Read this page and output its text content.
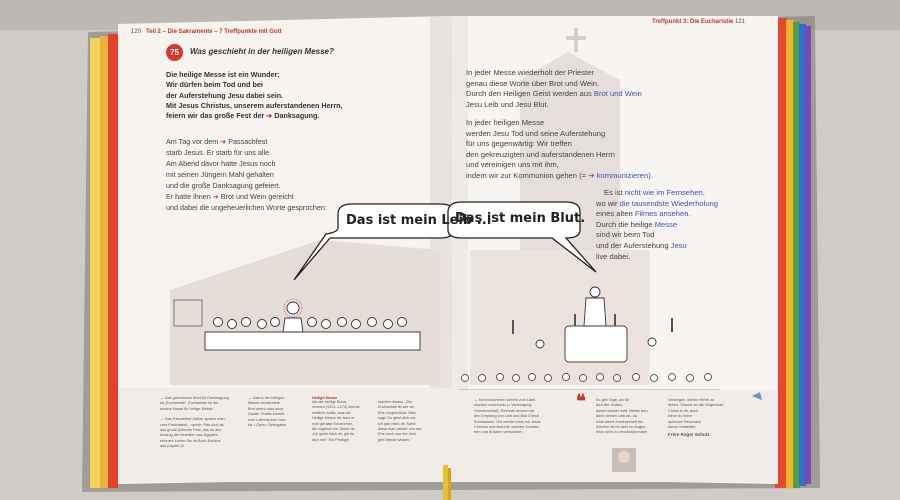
120 Teil 2 – Die Sakramente – 7 Treffpunkte mit Gott
75	Was geschieht in der heiligen Messe?
Die heilige Messe ist ein Wunder:
Wir dürfen beim Tod und bei
der Auferstehung Jesu dabei sein.
Mit Jesus Christus, unserem auferstandenen Herrn,
feiern wir das große Fest der ➔ Danksagung.
Am Tag vor dem ➔ Passachfest
starb Jesus. Er starb für uns alle.
Am Abend davor hatte Jesus noch
mit seinen Jüngern Mahl gehalten
und die große Danksagung gefeiert.
Er hatte ihnen ➔ Brot und Wein gereicht
und dabei die ungeheuerlichen Worte gesprochen:
Das ist mein Leib ...
→ Das griechische Wort für Danksagung
ist „Eucharistie“. Eucharistie ist der
andere Name für heilige Messe.
→ Das Passahfest (früher sprach man
vom Paschafest – sprich: Pas-cha) ist
das große jüdische Fest, das an den
Auszug der Israeliten aus Ägypten
erinnert. Lesen Sie im Buch Exodus
das Kapitel 12.
→ Das in der heiligen
Messe verwendete
Brot nennt man auch
Hostie. Hostie kommt
vom Lateinischen hos-
tia = Opfer, Opfergabe.
Heilige Messe
Als der heilige Bona-
ventura (1221–1274) einmal
erklären sollte, was die
Heilige Messe ist, fand er
eine geniale Kurzformel,
die zugleich ein Gebet ist:
„Ich gebe mich dir, gib du
dich mir!“ Ein Prediger
machte daraus: „Die
Eucharistie ist wie ein
Ehe vergleichbar. Man
sagt: Du gibst dich mir.
Ich gab mich dir. Nahe
diese man wieder von der
Ehe noch von der heili-
gen Messe wissen.“
Treffpunkt 3: Die Eucharistie 121
In jeder Messe wiederholt der Priester
genau diese Worte über Brot und Wein.
Durch den Heiligen Geist werden aus Brot und Wein
Jesu Leib und Jesu Blut.
In jeder heiligen Messe
werden Jesu Tod und seine Auferstehung
für uns gegenwärtig: Wir treffen
den gekreuzigten und auferstandenen Herrn
und vereinigen uns mit ihm,
indem wir zur Kommunion gehen (= ➔ kommunizieren).
Es ist nicht wie im Fernsehen,
wo wir die tausendste Wiederholung
eines alten Filmes ansehen.
Durch die heilige Messe
sind wir beim Tod
und der Auferstehung Jesu
live dabei.
Das ist mein Blut.
→ Kommunizieren kommt vom Latei-
nischen communio (= Vereinigung,
Gemeinschaft). Deshalb nennen wir
den Empfang von Leib und Blut Christi
Kommunion. Wir werden eins mit Jesus
Christus und sind mit unseren Schwes-
tern und Brüdern verbunden.
❝	Es gibt Tage, wo für
dich der Gottes-
dienst schwer wird. Bleibe treu:
dann deinen Leib an, du
ichte deine Anwesenheit ein
Zeichen ist für dein Im Augen-
blick nicht zu verwirklichenden
Verlangen, deinen Herrn zu
lieben. Glaube an die Gegenwart
Christi in dir, auch
wenn du keine
spürbare Resonanz
davon feststellst.
Frère Roger Schutz
